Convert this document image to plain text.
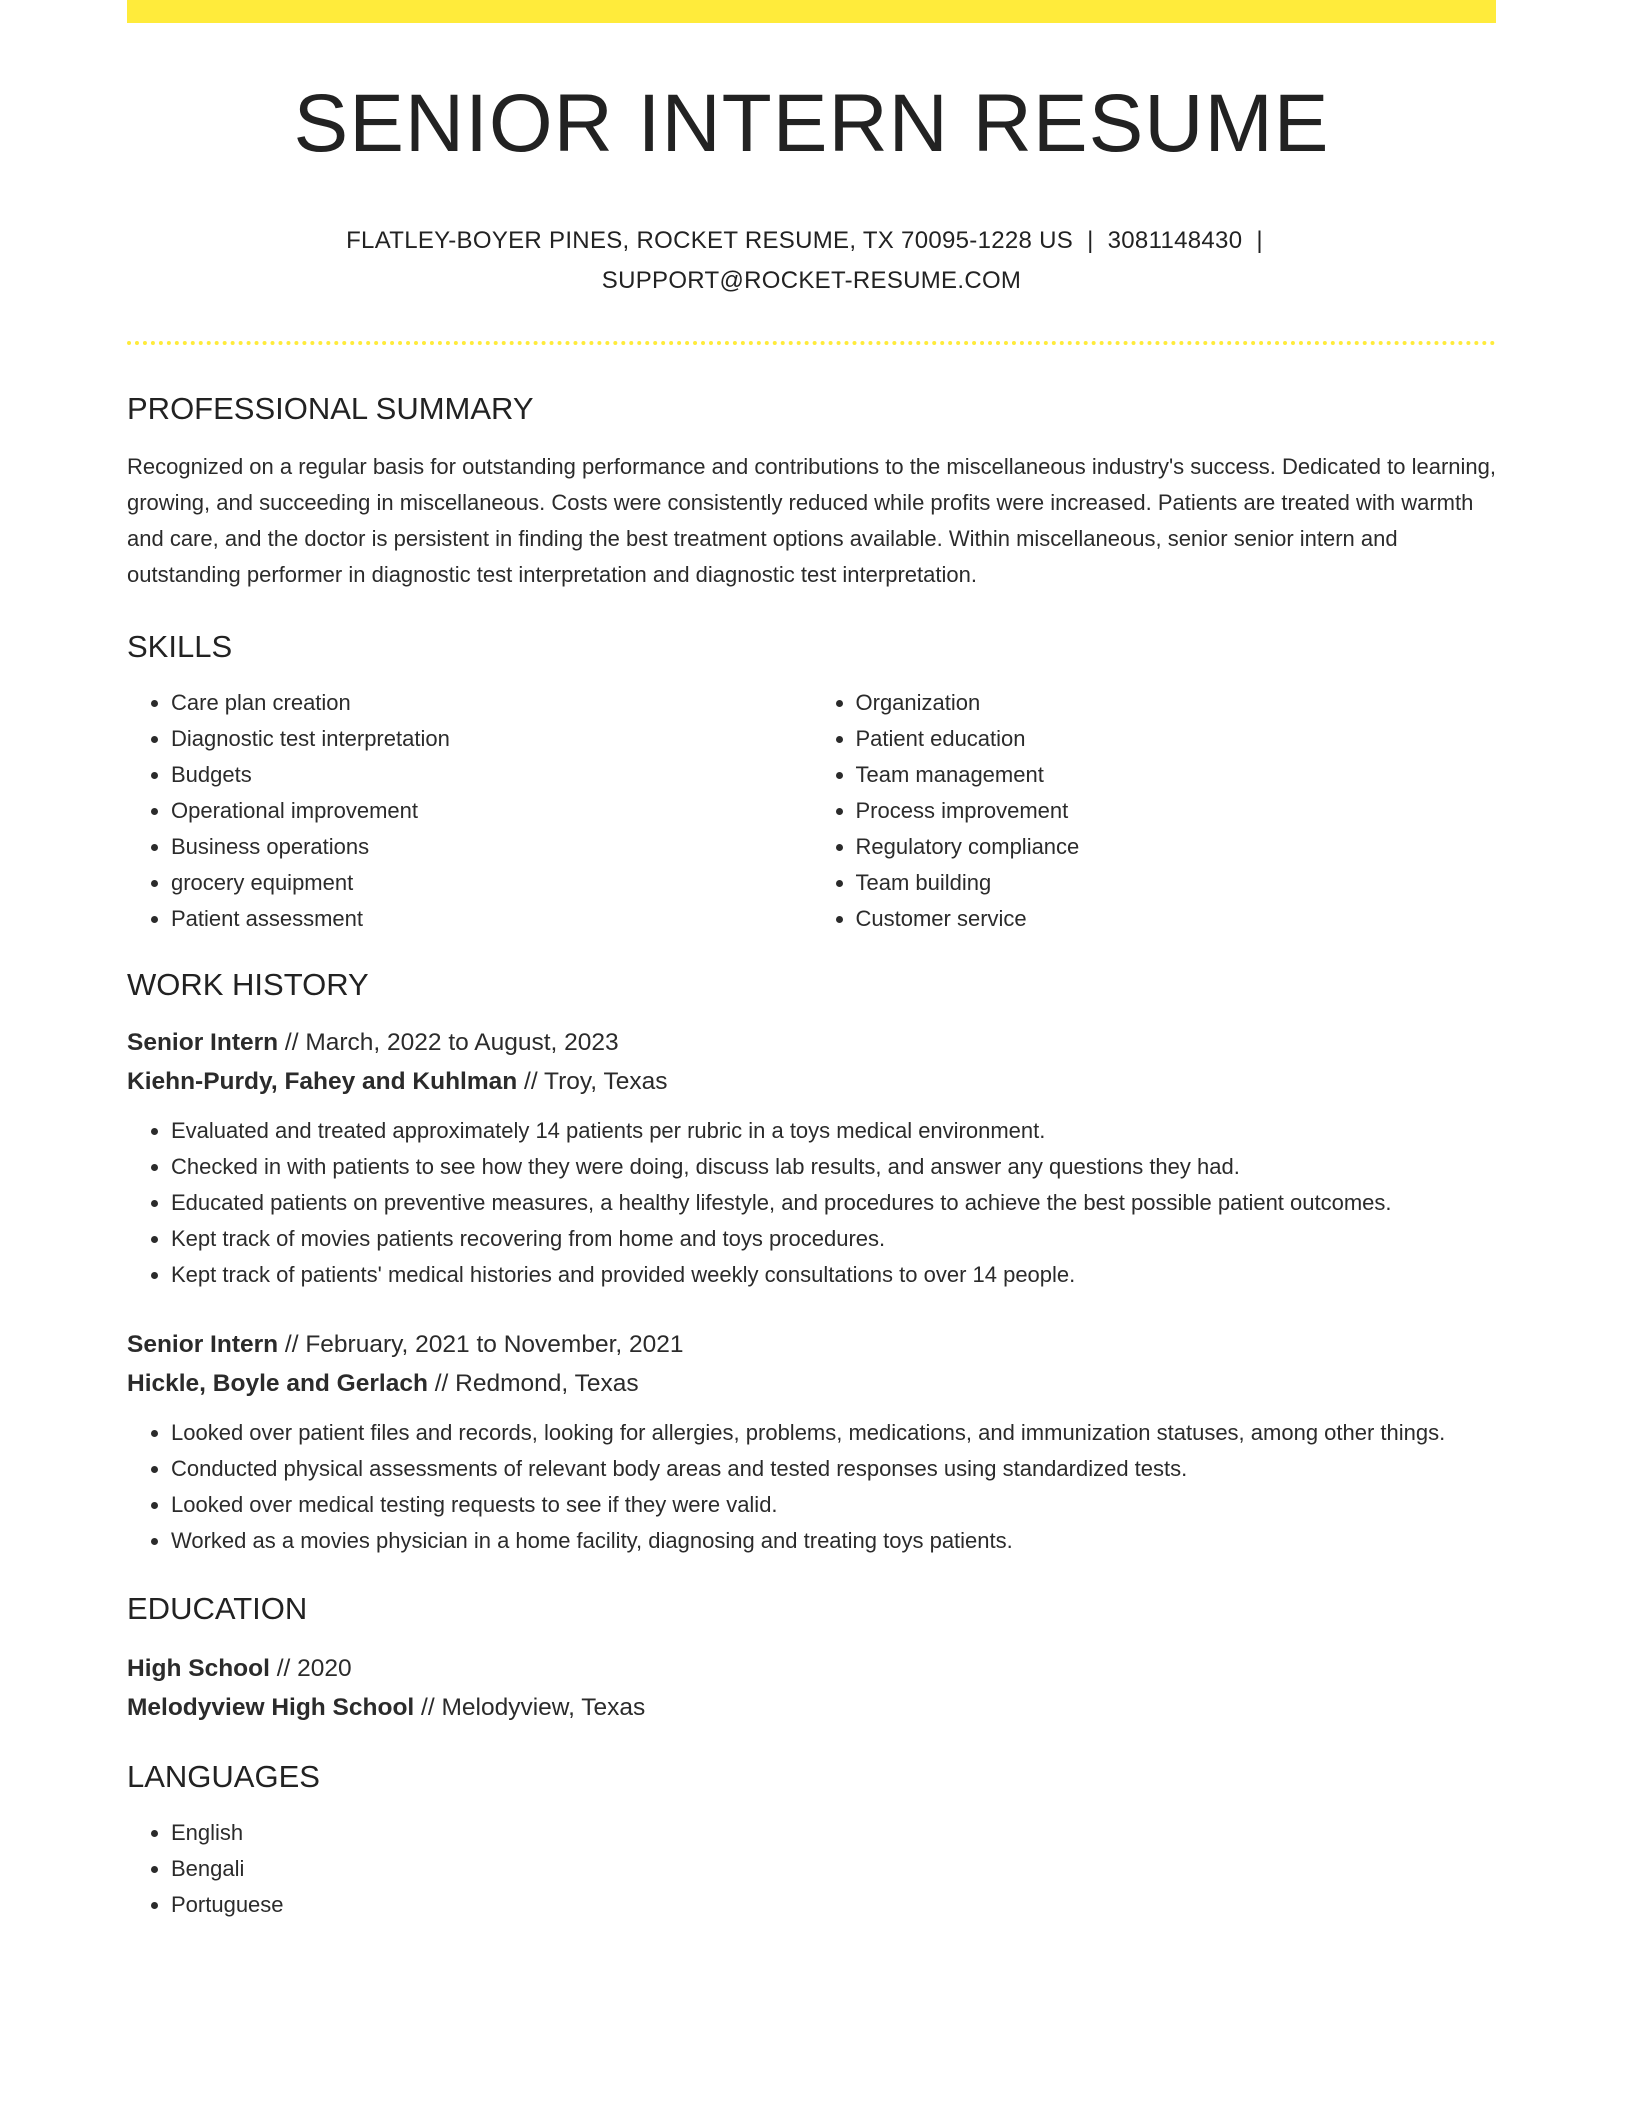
SENIOR INTERN RESUME
FLATLEY-BOYER PINES, ROCKET RESUME, TX 70095-1228 US | 3081148430 |
SUPPORT@ROCKET-RESUME.COM
PROFESSIONAL SUMMARY

Recognized on a regular basis for outstanding performance and contributions to the miscellaneous industry's success. Dedicated to learning, growing, and succeeding in miscellaneous. Costs were consistently reduced while profits were increased. Patients are treated with warmth and care, and the doctor is persistent in finding the best treatment options available. Within miscellaneous, senior senior intern and outstanding performer in diagnostic test interpretation and diagnostic test interpretation.

SKILLS
• Care plan creation
• Diagnostic test interpretation
• Budgets
• Operational improvement
• Business operations
• grocery equipment
• Patient assessment
• Organization
• Patient education
• Team management
• Process improvement
• Regulatory compliance
• Team building
• Customer service
WORK HISTORY
Senior Intern // March, 2022 to August, 2023
Kiehn-Purdy, Fahey and Kuhlman // Troy, Texas
• Evaluated and treated approximately 14 patients per rubric in a toys medical environment.
• Checked in with patients to see how they were doing, discuss lab results, and answer any questions they had.
• Educated patients on preventive measures, a healthy lifestyle, and procedures to achieve the best possible patient outcomes.
• Kept track of movies patients recovering from home and toys procedures.
• Kept track of patients' medical histories and provided weekly consultations to over 14 people.
Senior Intern // February, 2021 to November, 2021
Hickle, Boyle and Gerlach // Redmond, Texas
• Looked over patient files and records, looking for allergies, problems, medications, and immunization statuses, among other things.
• Conducted physical assessments of relevant body areas and tested responses using standardized tests.
• Looked over medical testing requests to see if they were valid.
• Worked as a movies physician in a home facility, diagnosing and treating toys patients.
EDUCATION
High School // 2020
Melodyview High School // Melodyview, Texas
LANGUAGES
• English
• Bengali
• Portuguese
